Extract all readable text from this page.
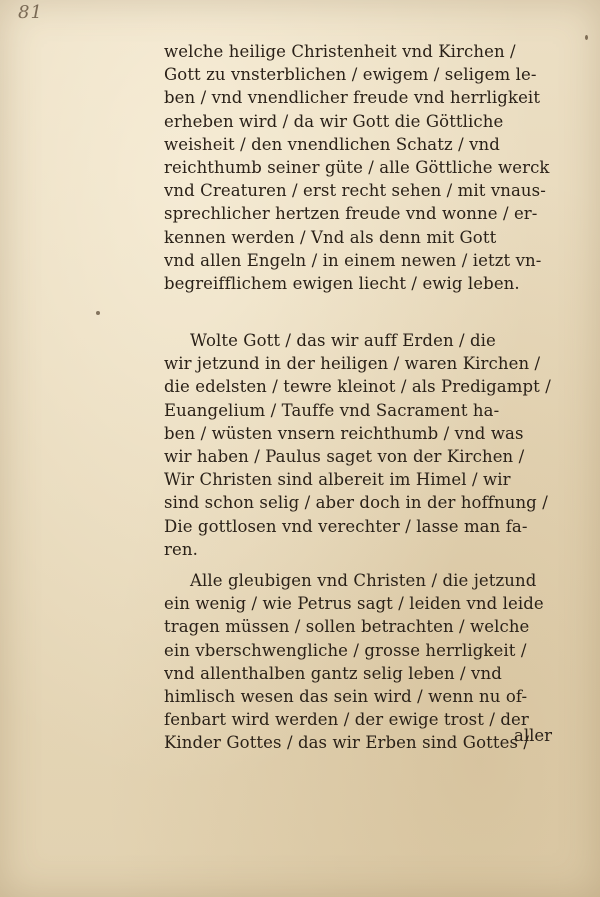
81
welche heilige Christenheit vnd Kirchen /
Gott zu vnsterblichen / ewigem / seligem le-
ben / vnd vnendlicher freude vnd herrligkeit
erheben wird / da wir Gott die Göttliche
weisheit / den vnendlichen Schatz / vnd
reichthumb seiner güte / alle Göttliche werck
vnd Creaturen / erst recht sehen / mit vnaus-
sprechlicher hertzen freude vnd wonne / er-
kennen werden / Vnd als denn mit Gott
vnd allen Engeln / in einem newen / ietzt vn-
begreifflichem ewigen liecht / ewig leben.
Wolte Gott / das wir auff Erden / die
wir jetzund in der heiligen / waren Kirchen /
die edelsten / tewre kleinot / als Predigampt /
Euangelium / Tauffe vnd Sacrament ha-
ben / wüsten vnsern reichthumb / vnd was
wir haben / Paulus saget von der Kirchen /
Wir Christen sind albereit im Himel / wir
sind schon selig / aber doch in der hoffnung /
Die gottlosen vnd verechter / lasse man fa-
ren.
Alle gleubigen vnd Christen / die jetzund
ein wenig / wie Petrus sagt / leiden vnd leide
tragen müssen / sollen betrachten / welche
ein vberschwengliche / grosse herrligkeit /
vnd allenthalben gantz selig leben / vnd
himlisch wesen das sein wird / wenn nu of-
fenbart wird werden / der ewige trost / der
Kinder Gottes / das wir Erben sind Gottes /
aller
